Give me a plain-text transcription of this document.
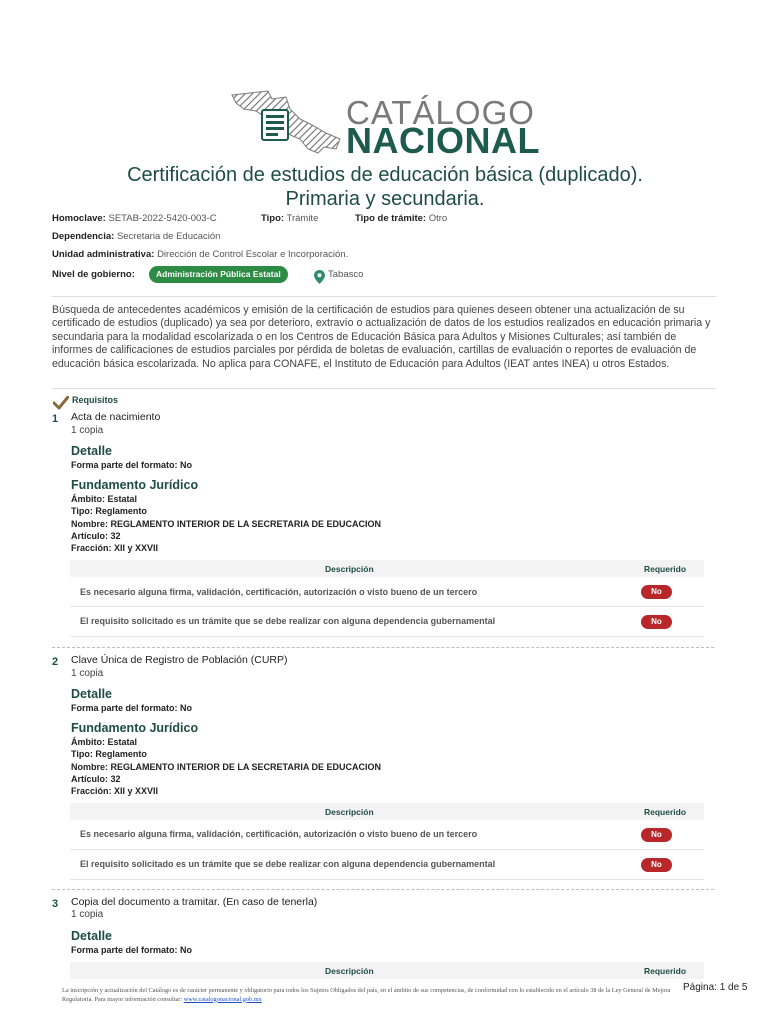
CATÁLOGO
NACIONAL
Certificación de estudios de educación básica (duplicado).
Primaria y secundaria.
Homoclave: SETAB-2022-5420-003-C	Tipo: Trámite	Tipo de trámite: Otro
Dependencia: Secretaria de Educación
Unidad administrativa: Dirección de Control Escolar e Incorporación.
Nivel de gobierno:	Administración Pública Estatal	Tabasco
Búsqueda de antecedentes académicos y emisión de la certificación de estudios para quienes deseen obtener una actualización de su certificado de estudios (duplicado) ya sea por deterioro, extravío o actualización de datos de los estudios realizados en educación primaria y secundaria para la modalidad escolarizada o en los Centros de Educación Básica para Adultos y Misiones Culturales; así también de informes de calificaciones de estudios parciales por pérdida de boletas de evaluación, cartillas de evaluación o reportes de evaluación de educación básica escolarizada. No aplica para CONAFE, el Instituto de Educación para Adultos (IEAT antes INEA) u otros Estados.
Requisitos
1 Acta de nacimiento
1 copia
Detalle
Forma parte del formato: No
Fundamento Jurídico
Ámbito: Estatal
Tipo: Reglamento
Nombre: REGLAMENTO INTERIOR DE LA SECRETARIA DE EDUCACION
Artículo: 32
Fracción: XII y XXVII
Descripción	Requerido
Es necesario alguna firma, validación, certificación, autorización o visto bueno de un tercero	No
El requisito solicitado es un trámite que se debe realizar con alguna dependencia gubernamental	No
2 Clave Única de Registro de Población (CURP)
1 copia
Detalle
Forma parte del formato: No
Fundamento Jurídico
Ámbito: Estatal
Tipo: Reglamento
Nombre: REGLAMENTO INTERIOR DE LA SECRETARIA DE EDUCACION
Artículo: 32
Fracción: XII y XXVII
Descripción	Requerido
Es necesario alguna firma, validación, certificación, autorización o visto bueno de un tercero	No
El requisito solicitado es un trámite que se debe realizar con alguna dependencia gubernamental	No
3 Copia del documento a tramitar. (En caso de tenerla)
1 copia
Detalle
Forma parte del formato: No
Descripción	Requerido
La inscripción y actualización del Catálogo es de carácter permanente y obligatorio para todos los Sujetos Obligados del país, en el ámbito de sus competencias, de conformidad con lo establecido en el artículo 38 de la Ley General de Mejora Regulatoria. Para mayor información consultar: www.catalogonacional.gob.mx
Página: 1 de 5
